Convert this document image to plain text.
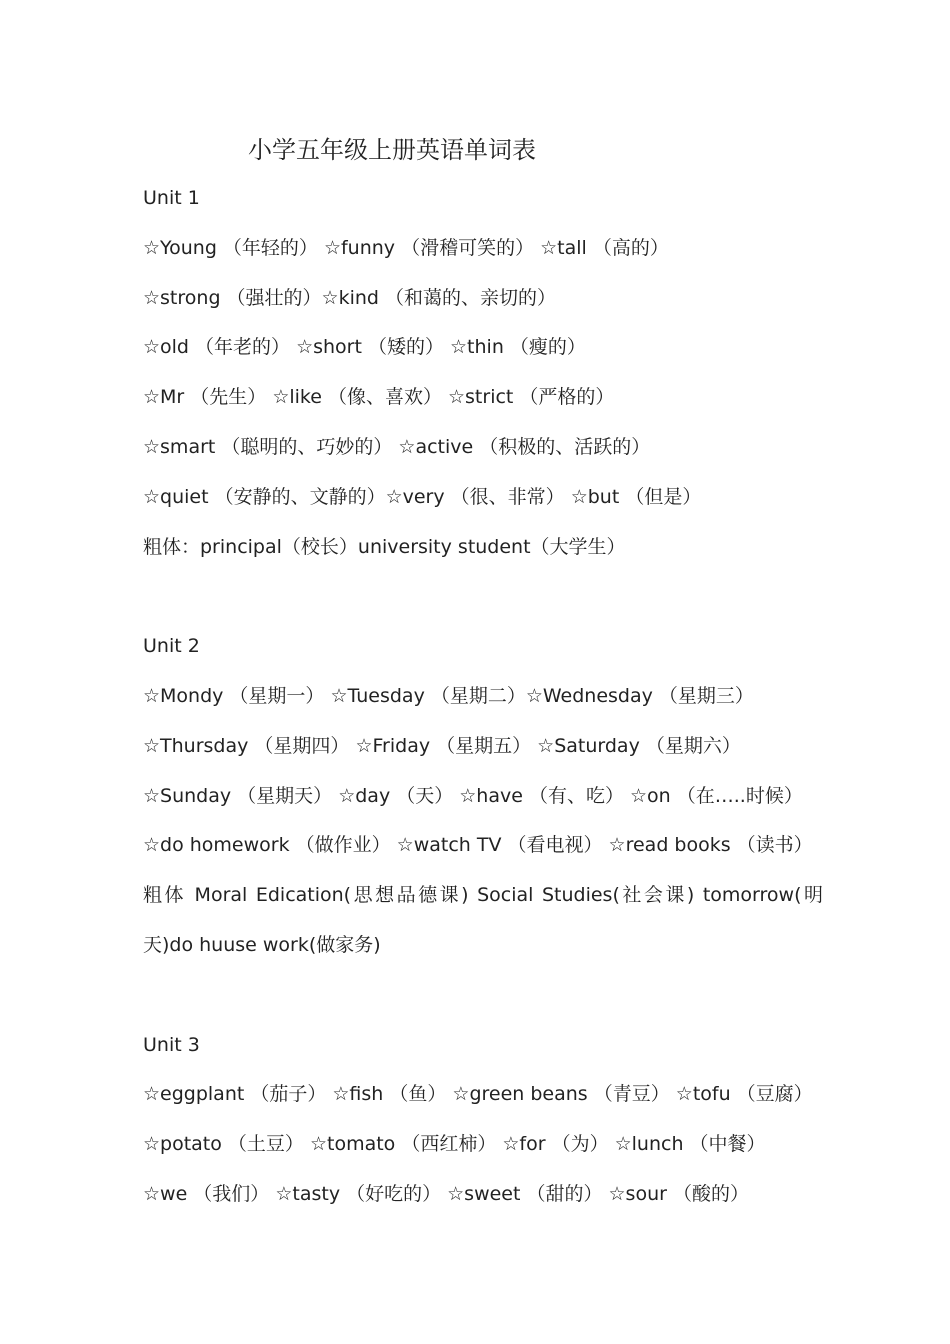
小学五年级上册英语单词表
Unit 1
☆Young （年轻的） ☆funny （滑稽可笑的） ☆tall （高的）
☆strong （强壮的）☆kind （和蔼的、亲切的）
☆old （年老的） ☆short （矮的） ☆thin （瘦的）
☆Mr （先生） ☆like （像、喜欢） ☆strict （严格的）
☆smart （聪明的、巧妙的） ☆active （积极的、活跃的）
☆quiet （安静的、文静的）☆very （很、非常） ☆but （但是）
粗体：principal（校长）university student（大学生）
Unit 2
☆Mondy （星期一） ☆Tuesday （星期二）☆Wednesday （星期三）
☆Thursday （星期四） ☆Friday （星期五） ☆Saturday （星期六）
☆Sunday （星期天） ☆day （天） ☆have （有、吃） ☆on （在…..时候）
☆do homework （做作业） ☆watch TV （看电视） ☆read books （读书）
粗体 Moral Edication(思想品德课) Social Studies(社会课) tomorrow(明天)do huuse work(做家务)
Unit 3
☆eggplant （茄子） ☆fish （鱼） ☆green beans （青豆） ☆tofu （豆腐）
☆potato （土豆） ☆tomato （西红柿） ☆for （为） ☆lunch （中餐）
☆we （我们） ☆tasty （好吃的） ☆sweet （甜的） ☆sour （酸的）
